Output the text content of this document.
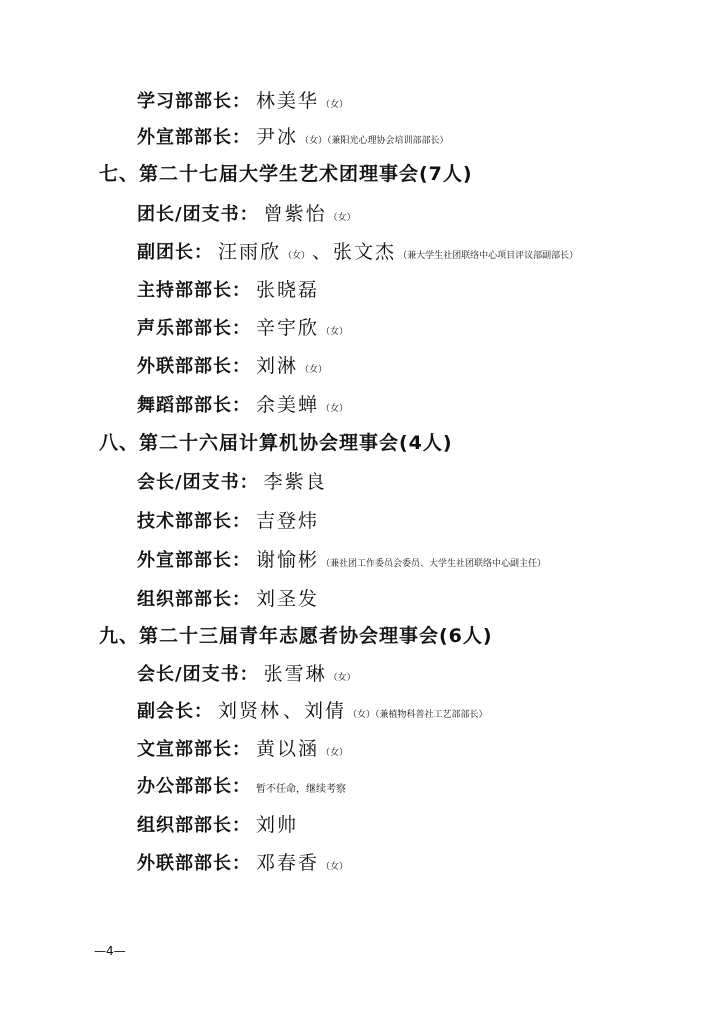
学习部部长 ： 林美华 （女）
外宣部部长 ： 尹冰 （女）（兼阳光心理协会培训部部长）
七、第二十七届大学生艺术团理事会(7人)
团长/团支书 ： 曾紫怡 （女）
副团长 ： 汪雨欣 （女） 、 张文杰 （兼大学生社团联络中心项目评议部副部长）
主持部部长 ： 张晓磊
声乐部部长 ： 辛宇欣 （女）
外联部部长 ： 刘淋 （女）
舞蹈部部长 ： 余美蝉 （女）
八、第二十六届计算机协会理事会(4人)
会长/团支书 ： 李紫良
技术部部长 ： 吉登炜
外宣部部长 ： 谢愉彬 （兼社团工作委员会委员、大学生社团联络中心副主任）
组织部部长 ： 刘圣发
九、第二十三届青年志愿者协会理事会(6人)
会长/团支书 ： 张雪琳 （女）
副会长 ： 刘贤林 、 刘倩 （女）（兼植物科普社工艺部部长）
文宣部部长 ： 黄以涵 （女）
办公部部长 ： 暂不任命，继续考察
组织部部长 ： 刘帅
外联部部长 ： 邓春香 （女）
—4—
